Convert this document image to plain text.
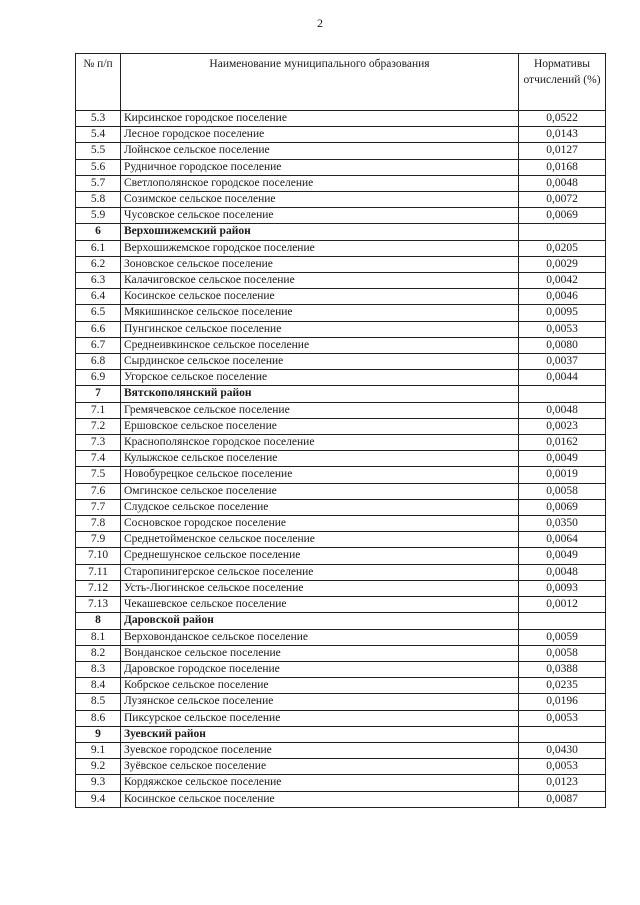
2
№ п/п	Наименование муниципального образования	Нормативы отчислений (%)
5.3	Кирсинское городское поселение	0,0522
5.4	Лесное городское поселение	0,0143
5.5	Лойнское сельское поселение	0,0127
5.6	Рудничное городское поселение	0,0168
5.7	Светлополянское городское поселение	0,0048
5.8	Созимское сельское поселение	0,0072
5.9	Чусовское сельское поселение	0,0069
6	Верхошижемский район	
6.1	Верхошижемское городское поселение	0,0205
6.2	Зоновское сельское поселение	0,0029
6.3	Калачиговское сельское поселение	0,0042
6.4	Косинское сельское поселение	0,0046
6.5	Мякишинское сельское поселение	0,0095
6.6	Пунгинское сельское поселение	0,0053
6.7	Среднеивкинское сельское поселение	0,0080
6.8	Сырдинское сельское поселение	0,0037
6.9	Угорское сельское поселение	0,0044
7	Вятскополянский район	
7.1	Гремячевское сельское поселение	0,0048
7.2	Ершовское сельское поселение	0,0023
7.3	Краснополянское городское поселение	0,0162
7.4	Кулыжское сельское поселение	0,0049
7.5	Новобурецкое сельское поселение	0,0019
7.6	Омгинское сельское поселение	0,0058
7.7	Слудское сельское поселение	0,0069
7.8	Сосновское городское поселение	0,0350
7.9	Среднетойменское сельское поселение	0,0064
7.10	Среднешунское сельское поселение	0,0049
7.11	Старопинигерское сельское поселение	0,0048
7.12	Усть-Люгинское сельское поселение	0,0093
7.13	Чекашевское сельское поселение	0,0012
8	Даровской район	
8.1	Верховонданское сельское поселение	0,0059
8.2	Вонданское сельское поселение	0,0058
8.3	Даровское городское поселение	0,0388
8.4	Кобрское сельское поселение	0,0235
8.5	Лузянское сельское поселение	0,0196
8.6	Пиксурское сельское поселение	0,0053
9	Зуевский район	
9.1	Зуевское городское поселение	0,0430
9.2	Зуёвское сельское поселение	0,0053
9.3	Кордяжское сельское поселение	0,0123
9.4	Косинское сельское поселение	0,0087
